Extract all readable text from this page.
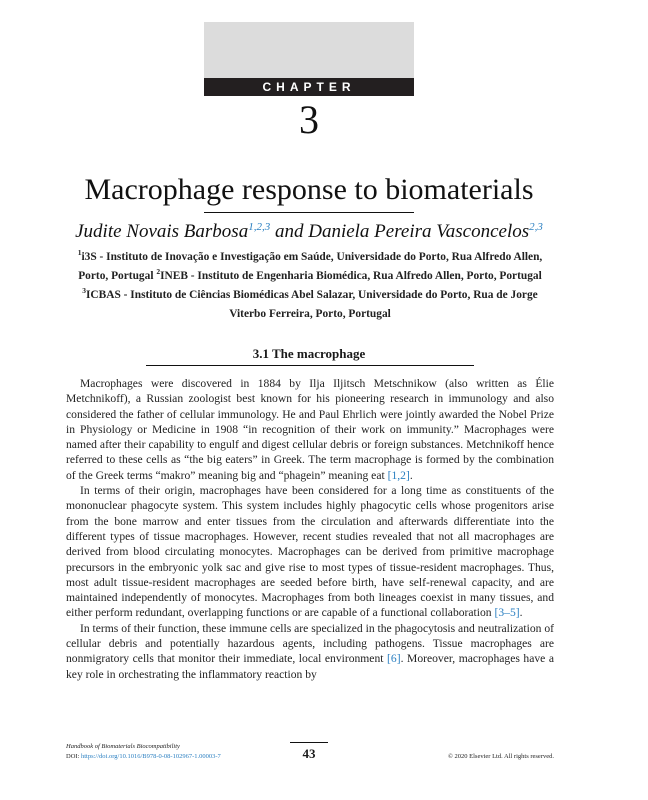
CHAPTER
3
Macrophage response to biomaterials
Judite Novais Barbosa$^{1,2,3}$ and Daniela Pereira Vasconcelos$^{2,3}$
$^1$i3S - Instituto de Inovação e Investigação em Saúde, Universidade do Porto, Rua Alfredo Allen, Porto, Portugal $^2$INEB - Instituto de Engenharia Biomédica, Rua Alfredo Allen, Porto, Portugal $^3$ICBAS - Instituto de Ciências Biomédicas Abel Salazar, Universidade do Porto, Rua de Jorge Viterbo Ferreira, Porto, Portugal
3.1 The macrophage

Macrophages were discovered in 1884 by Ilja Iljitsch Metschnikow (also written as Élie Metchnikoff), a Russian zoologist best known for his pioneering research in immunology and also considered the father of cellular immunology. He and Paul Ehrlich were jointly awarded the Nobel Prize in Physiology or Medicine in 1908 “in recognition of their work on immunity.” Macrophages were named after their capability to engulf and digest cellular debris or foreign substances. Metchnikoff hence referred to these cells as “the big eaters” in Greek. The term macrophage is formed by the combination of the Greek terms “makro” meaning big and “phagein” meaning eat [1,2].

In terms of their origin, macrophages have been considered for a long time as constituents of the mononuclear phagocyte system. This system includes highly phagocytic cells whose progenitors arise from the bone marrow and enter tissues from the circulation and afterwards differentiate into the different types of tissue macrophages. However, recent studies revealed that not all macrophages are derived from blood circulating monocytes. Macrophages can be derived from primitive macrophage precursors in the embryonic yolk sac and give rise to most types of tissue-resident macrophages. Thus, most adult tissue-resident macrophages are seeded before birth, have self-renewal capacity, and are maintained independently of monocytes. Macrophages from both lineages coexist in many tissues, and either perform redundant, overlapping functions or are capable of a functional collaboration [3–5].

In terms of their function, these immune cells are specialized in the phagocytosis and neutralization of cellular debris and potentially hazardous agents, including pathogens. Tissue macrophages are nonmigratory cells that monitor their immediate, local environment [6]. Moreover, macrophages have a key role in orchestrating the inflammatory reaction by

Handbook of Biomaterials Biocompatibility
DOI: https://doi.org/10.1016/B978-0-08-102967-1.00003-7	43	© 2020 Elsevier Ltd. All rights reserved.
